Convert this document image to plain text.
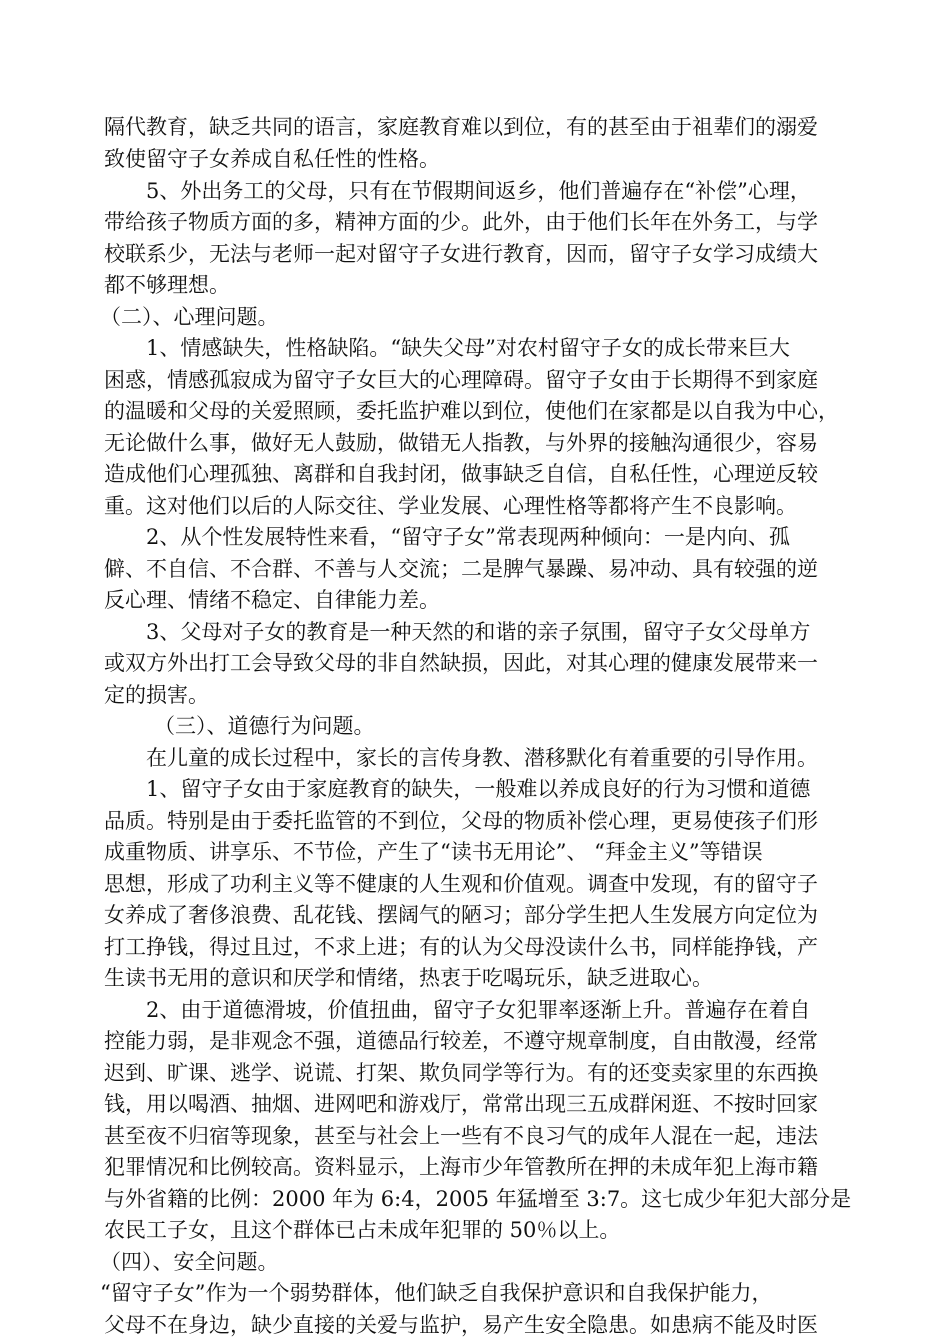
隔代教育，缺乏共同的语言，家庭教育难以到位，有的甚至由于祖辈们的溺爱
致使留守子女养成自私任性的性格。
5、外出务工的父母，只有在节假期间返乡，他们普遍存在“补偿”心理，
带给孩子物质方面的多，精神方面的少。此外，由于他们长年在外务工，与学
校联系少，无法与老师一起对留守子女进行教育，因而，留守子女学习成绩大
都不够理想。
（二）、心理问题。
1、情感缺失，性格缺陷。“缺失父母”对农村留守子女的成长带来巨大
困惑，情感孤寂成为留守子女巨大的心理障碍。留守子女由于长期得不到家庭
的温暖和父母的关爱照顾，委托监护难以到位，使他们在家都是以自我为中心，
无论做什么事，做好无人鼓励，做错无人指教，与外界的接触沟通很少，容易
造成他们心理孤独、离群和自我封闭，做事缺乏自信，自私任性，心理逆反较
重。这对他们以后的人际交往、学业发展、心理性格等都将产生不良影响。
2、从个性发展特性来看，“留守子女”常表现两种倾向：一是内向、孤
僻、不自信、不合群、不善与人交流；二是脾气暴躁、易冲动、具有较强的逆
反心理、情绪不稳定、自律能力差。
3、父母对子女的教育是一种天然的和谐的亲子氛围，留守子女父母单方
或双方外出打工会导致父母的非自然缺损，因此，对其心理的健康发展带来一
定的损害。
（三）、道德行为问题。
在儿童的成长过程中，家长的言传身教、潜移默化有着重要的引导作用。
1、留守子女由于家庭教育的缺失，一般难以养成良好的行为习惯和道德
品质。特别是由于委托监管的不到位，父母的物质补偿心理，更易使孩子们形
成重物质、讲享乐、不节俭，产生了“读书无用论”、 “拜金主义”等错误
思想，形成了功利主义等不健康的人生观和价值观。调查中发现，有的留守子
女养成了奢侈浪费、乱花钱、摆阔气的陋习；部分学生把人生发展方向定位为
打工挣钱，得过且过，不求上进；有的认为父母没读什么书，同样能挣钱，产
生读书无用的意识和厌学和情绪，热衷于吃喝玩乐，缺乏进取心。
2、由于道德滑坡，价值扭曲，留守子女犯罪率逐渐上升。普遍存在着自
控能力弱，是非观念不强，道德品行较差，不遵守规章制度，自由散漫，经常
迟到、旷课、逃学、说谎、打架、欺负同学等行为。有的还变卖家里的东西换
钱，用以喝酒、抽烟、进网吧和游戏厅，常常出现三五成群闲逛、不按时回家
甚至夜不归宿等现象，甚至与社会上一些有不良习气的成年人混在一起，违法
犯罪情况和比例较高。资料显示，上海市少年管教所在押的未成年犯上海市籍
与外省籍的比例：2000 年为 6:4，2005 年猛增至 3:7。这七成少年犯大部分是
农民工子女，且这个群体已占未成年犯罪的 50％以上。
（四）、安全问题。
“留守子女”作为一个弱势群体，他们缺乏自我保护意识和自我保护能力，
父母不在身边，缺少直接的关爱与监护，易产生安全隐患。如患病不能及时医
